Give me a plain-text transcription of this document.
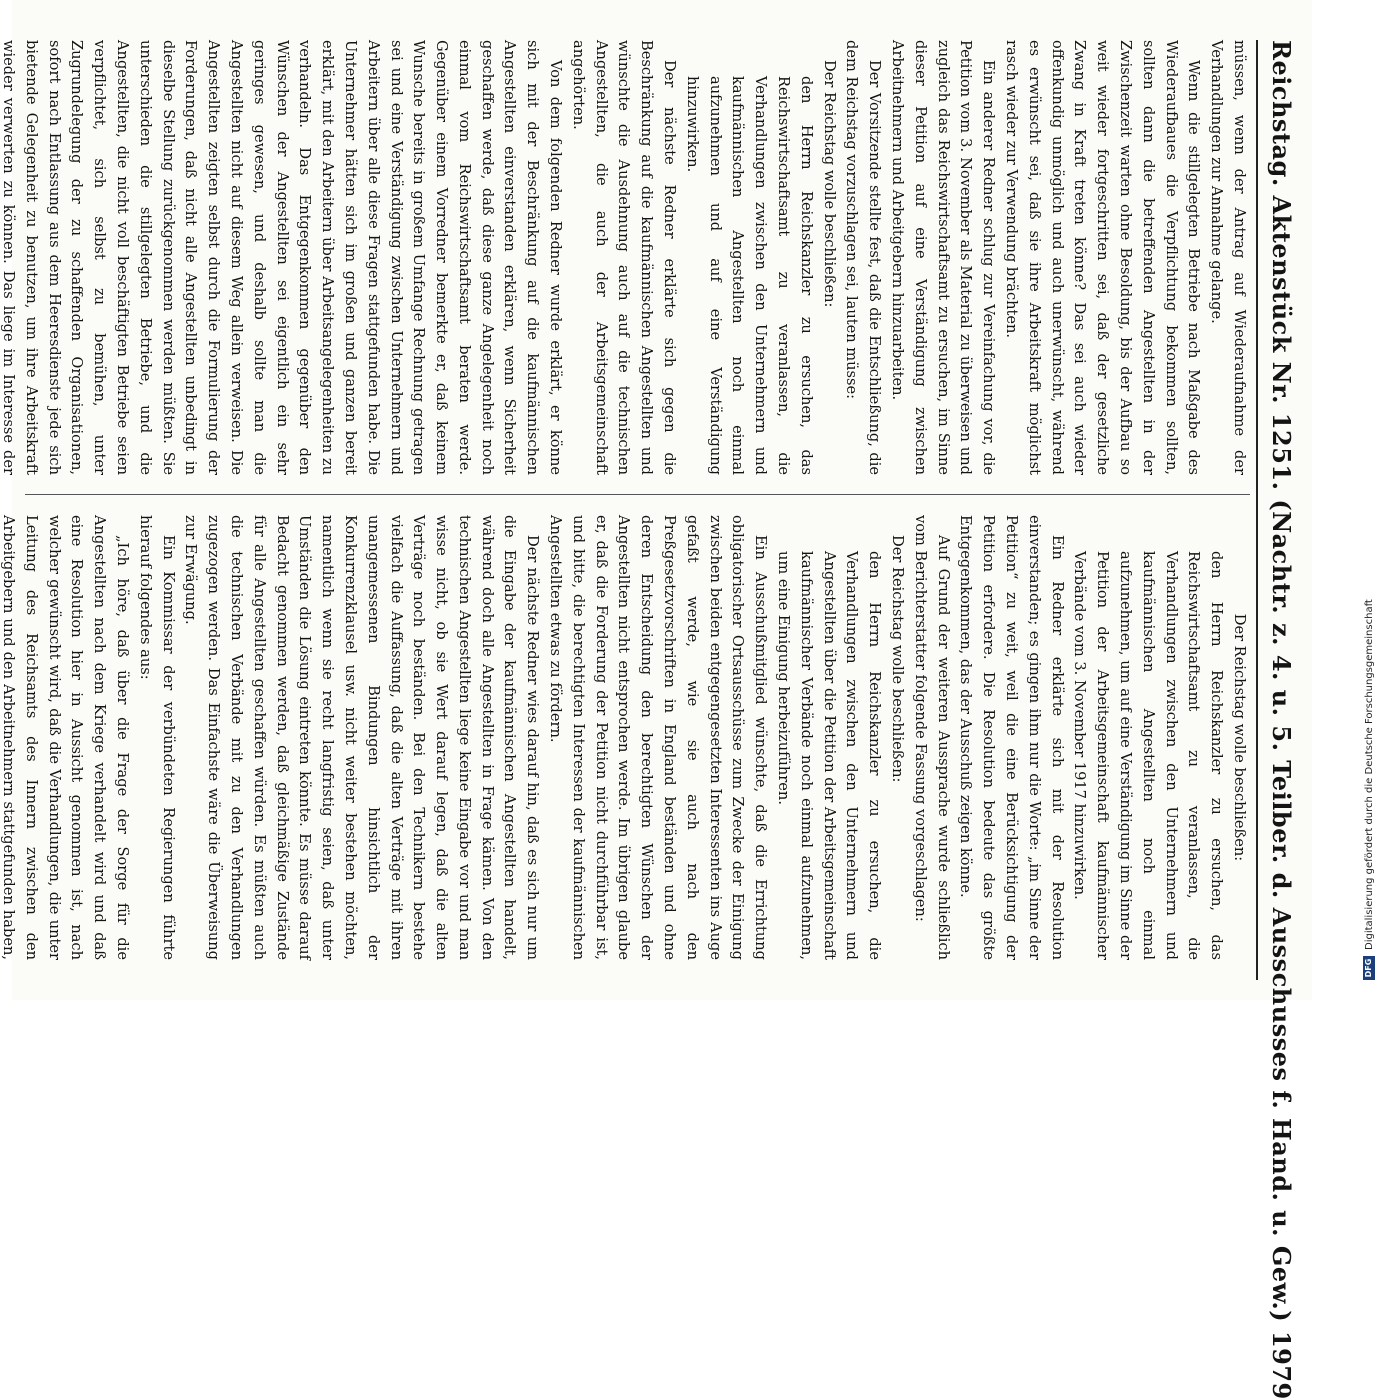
Reichstag. Aktenstück Nr. 1251. (Nachtr. z. 4. u. 5. Teilber. d. Ausschusses f. Hand. u. Gew.) 1979

müssen, wenn der Antrag auf Wiederaufnahme der Verhandlungen zur Annahme gelange.

Wenn die stillgelegten Betriebe nach Maßgabe des Wiederaufbaues die Verpflichtung bekommen sollten, sollten dann die betreffenden Angestellten in der Zwischenzeit warten ohne Besoldung, bis der Aufbau so weit wieder fortgeschritten sei, daß der gesetzliche Zwang in Kraft treten könne? Das sei auch wieder offenkundig unmöglich und auch unerwünscht, während es erwünscht sei, daß sie ihre Arbeitskraft möglichst rasch wieder zur Verwendung brächten.

Ein anderer Redner schlug zur Vereinfachung vor, die Petition vom 3. November als Material zu überweisen und zugleich das Reichswirtschaftsamt zu ersuchen, im Sinne dieser Petition auf eine Verständigung zwischen Arbeitnehmern und Arbeitgebern hinzuarbeiten.

Der Vorsitzende stellte fest, daß die Entschließung, die dem Reichstag vorzuschlagen sei, lauten müsse:

Der Reichstag wolle beschließen:

den Herrn Reichskanzler zu ersuchen, das Reichswirtschaftsamt zu veranlassen, die Verhandlungen zwischen den Unternehmern und kaufmännischen Angestellten noch einmal aufzunehmen und auf eine Verständigung hinzuwirken.

Der nächste Redner erklärte sich gegen die Beschränkung auf die kaufmännischen Angestellten und wünschte die Ausdehnung auch auf die technischen Angestellten, die auch der Arbeitsgemeinschaft angehörten.

Von dem folgenden Redner wurde erklärt, er könne sich mit der Beschränkung auf die kaufmännischen Angestellten einverstanden erklären, wenn Sicherheit geschaffen werde, daß diese ganze Angelegenheit noch einmal vom Reichswirtschaftsamt beraten werde. Gegenüber einem Vorredner bemerkte er, daß keinem Wunsche bereits in großem Umfange Rechnung getragen sei und eine Verständigung zwischen Unternehmern und Arbeitern über alle diese Fragen stattgefunden habe. Die Unternehmer hätten sich im großen und ganzen bereit erklärt, mit den Arbeitern über Arbeitsangelegenheiten zu verhandeln. Das Entgegenkommen gegenüber den Wünschen der Angestellten sei eigentlich ein sehr geringes gewesen, und deshalb sollte man die Angestellten nicht auf diesem Weg allein verweisen. Die Angestellten zeigten selbst durch die Formulierung der Forderungen, daß nicht alle Angestellten unbedingt in dieselbe Stellung zurückgenommen werden müßten. Sie unterschieden die stillgelegten Betriebe, und die Angestellten, die nicht voll beschäftigten Betriebe seien verpflichtet, sich selbst zu bemühen, unter Zugrundelegung der zu schaffenden Organisationen, sofort nach Entlassung aus dem Heeresdienste jede sich bietende Gelegenheit zu benutzen, um ihre Arbeitskraft wieder verwerten zu können. Das liege im Interesse der

Der Reichstag wolle beschließen:

den Herrn Reichskanzler zu ersuchen, das Reichswirtschaftsamt zu veranlassen, die Verhandlungen zwischen den Unternehmern und kaufmännischen Angestellten noch einmal aufzunehmen, um auf eine Verständigung im Sinne der Petition der Arbeitsgemeinschaft kaufmännischer Verbände vom 3. November 1917 hinzuwirken.

Ein Redner erklärte sich mit der Resolution einverstanden; es gingen ihm nur die Worte: „im Sinne der Petition“ zu weit, weil die eine Berücksichtigung der Petition erfordere. Die Resolution bedeute das größte Entgegenkommen, das der Ausschuß zeigen könne.

Auf Grund der weiteren Aussprache wurde schließlich vom Berichterstatter folgende Fassung vorgeschlagen:

Der Reichstag wolle beschließen:

den Herrn Reichskanzler zu ersuchen, die Verhandlungen zwischen den Unternehmern und Angestellten über die Petition der Arbeitsgemeinschaft kaufmännischer Verbände noch einmal aufzunehmen, um eine Einigung herbeizuführen.

Ein Ausschußmitglied wünschte, daß die Errichtung obligatorischer Ortsausschüsse zum Zwecke der Einigung zwischen beiden entgegengesetzten Interessenten ins Auge gefaßt werde, wie sie auch nach den Preßgesetzvorschriften in England beständen und ohne deren Entscheidung den berechtigten Wünschen der Angestellten nicht entsprochen werde. Im übrigen glaube er, daß die Forderung der Petition nicht durchführbar ist, und bitte, die berechtigten Interessen der kaufmännischen Angestellten etwas zu fördern.

Der nächste Redner wies darauf hin, daß es sich nur um die Eingabe der kaufmännischen Angestellten handelt, während doch alle Angestellten in Frage kämen. Von den technischen Angestellten liege keine Eingabe vor und man wisse nicht, ob sie Wert darauf legen, daß die alten Verträge noch beständen. Bei den Technikern bestehe vielfach die Auffassung, daß die alten Verträge mit ihren unangemessenen Bindungen hinsichtlich der Konkurrenzklausel usw. nicht weiter bestehen möchten, namentlich wenn sie recht langfristig seien, daß unter Umständen die Lösung eintreten könnte. Es müsse darauf Bedacht genommen werden, daß gleichmäßige Zustände für alle Angestellten geschaffen würden. Es müßten auch die technischen Verbände mit zu den Verhandlungen zugezogen werden. Das Einfachste wäre die Überweisung zur Erwägung.

Ein Kommissar der verbündeten Regierungen führte hierauf folgendes aus:

„Ich höre, daß über die Frage der Sorge für die Angestellten nach dem Kriege verhandelt wird und daß eine Resolution hier in Aussicht genommen ist, nach welcher gewünscht wird, daß die Verhandlungen, die unter Leitung des Reichsamts des Innern zwischen den Arbeitgebern und den Arbeitnehmern stattgefunden haben,

DFG
Digitalisierung gefördert durch die Deutsche Forschungsgemeinschaft
